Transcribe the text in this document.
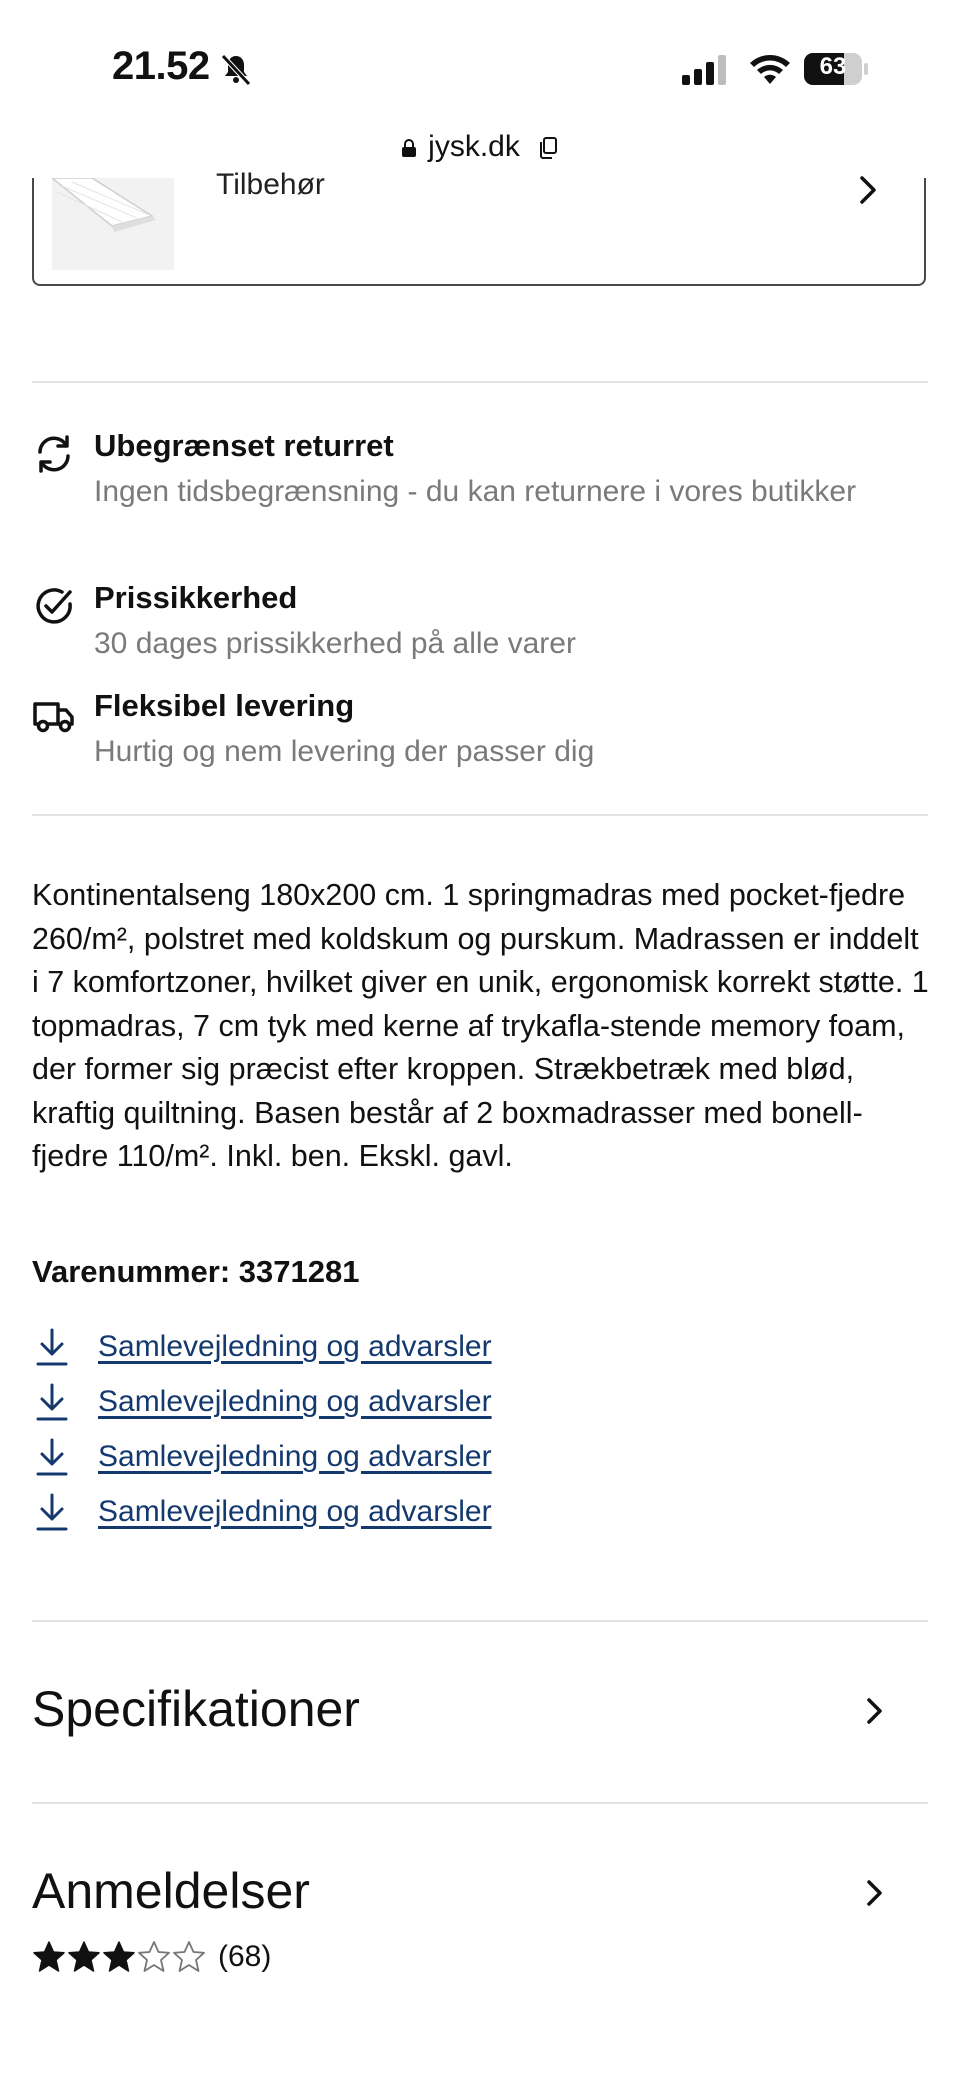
21.52	63
jysk.dk
Tilbehør
Ubegrænset returret
Ingen tidsbegrænsning - du kan returnere i vores butikker
Prissikkerhed
30 dages prissikkerhed på alle varer
Fleksibel levering
Hurtig og nem levering der passer dig
Kontinentalseng 180x200 cm. 1 springmadras med pocket-fjedre 260/m², polstret med koldskum og purskum. Madrassen er inddelt i 7 komfortzoner, hvilket giver en unik, ergonomisk korrekt støtte. 1 topmadras, 7 cm tyk med kerne af trykafla-stende memory foam, der former sig præcist efter kroppen. Strækbetræk med blød, kraftig quiltning. Basen består af 2 boxmadrasser med bonell-fjedre 110/m². Inkl. ben. Ekskl. gavl.
Varenummer: 3371281
Samlevejledning og advarsler
Samlevejledning og advarsler
Samlevejledning og advarsler
Samlevejledning og advarsler
Specifikationer
Anmeldelser
(68)
